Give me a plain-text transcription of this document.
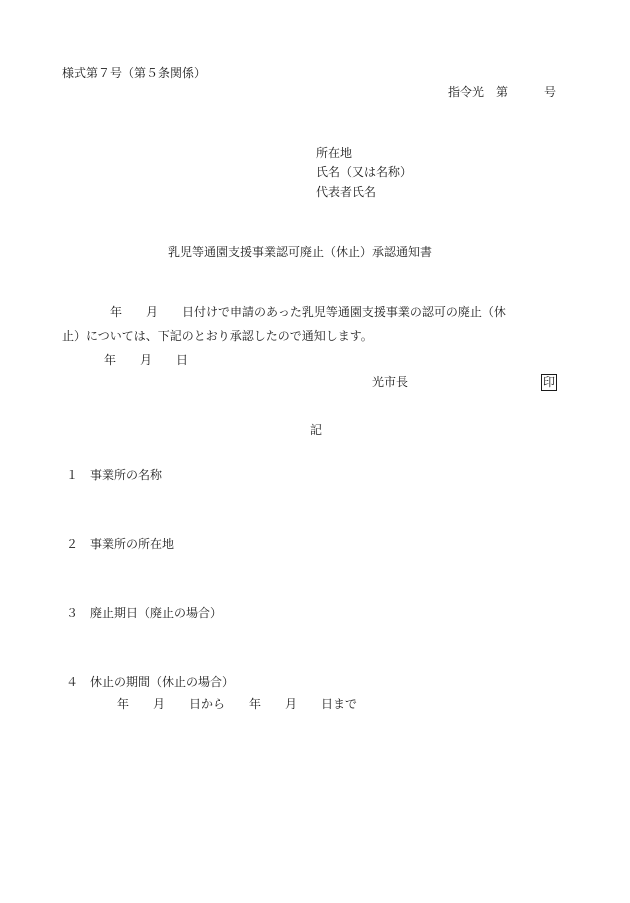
様式第７号（第５条関係）
指令光　第　　　号
所在地
氏名（又は名称）
代表者氏名
乳児等通園支援事業認可廃止（休止）承認通知書
　　　　年　　月　　日付けで申請のあった乳児等通園支援事業の認可の廃止（休
止）については、下記のとおり承認したので通知します。
年　　月　　日
光市長	印
記
１　事業所の名称
２　事業所の所在地
３　廃止期日（廃止の場合）
４　休止の期間（休止の場合）
年　　月　　日から　　年　　月　　日まで
